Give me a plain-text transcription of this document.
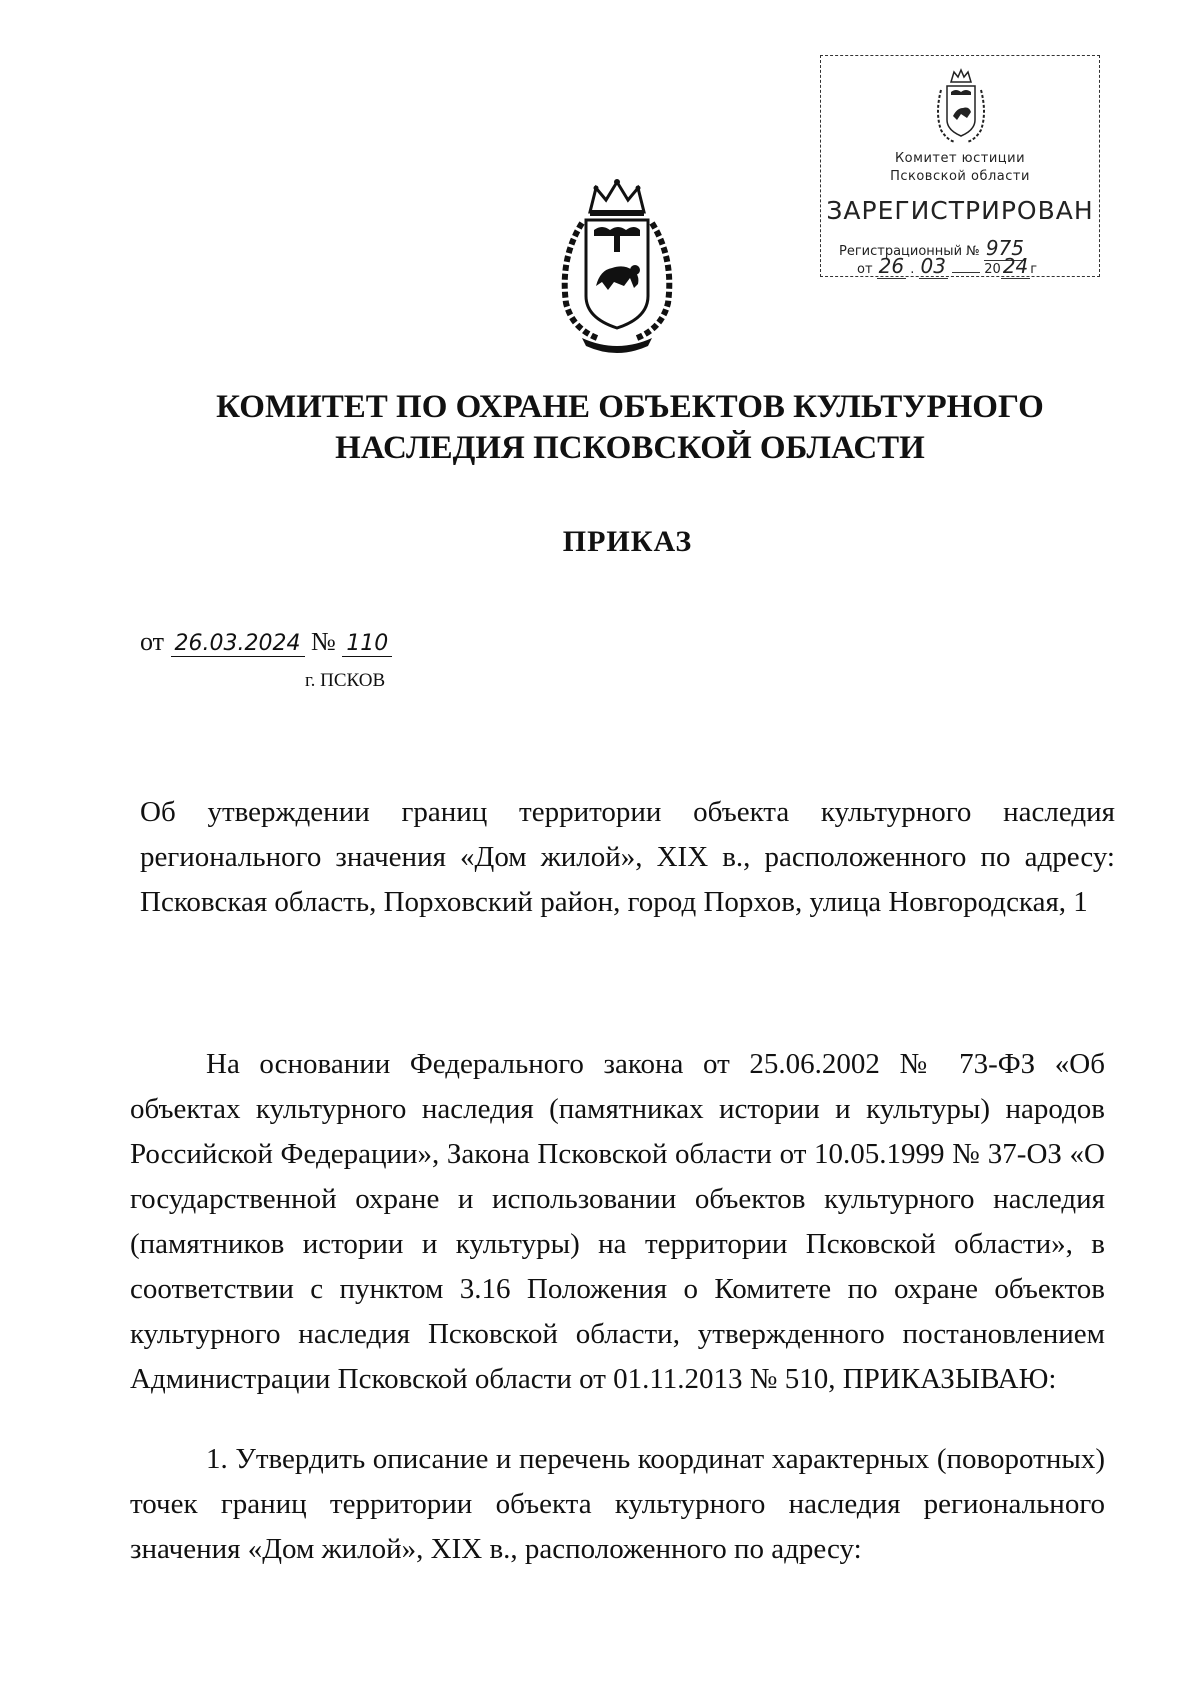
Комитет юстиции
Псковской области
ЗАРЕГИСТРИРОВАН
Регистрационный № 975
от 26 . 03	20 24 г
КОМИТЕТ ПО ОХРАНЕ ОБЪЕКТОВ КУЛЬТУРНОГО
НАСЛЕДИЯ ПСКОВСКОЙ ОБЛАСТИ
ПРИКАЗ
от 26.03.2024 № 110
г. ПСКОВ
Об утверждении границ территории объекта культурного наследия регионального значения «Дом жилой», XIX в., расположенного по адресу: Псковская область, Порховский район, город Порхов, улица Новгородская, 1
На основании Федерального закона от 25.06.2002 № 73-ФЗ «Об объектах культурного наследия (памятниках истории и культуры) народов Российской Федерации», Закона Псковской области от 10.05.1999 № 37-ОЗ «О государственной охране и использовании объектов культурного наследия (памятников истории и культуры) на территории Псковской области», в соответствии с пунктом 3.16 Положения о Комитете по охране объектов культурного наследия Псковской области, утвержденного постановлением Администрации Псковской области от 01.11.2013 № 510, ПРИКАЗЫВАЮ:
1. Утвердить описание и перечень координат характерных (поворотных) точек границ территории объекта культурного наследия регионального значения «Дом жилой», XIX в., расположенного по адресу:
